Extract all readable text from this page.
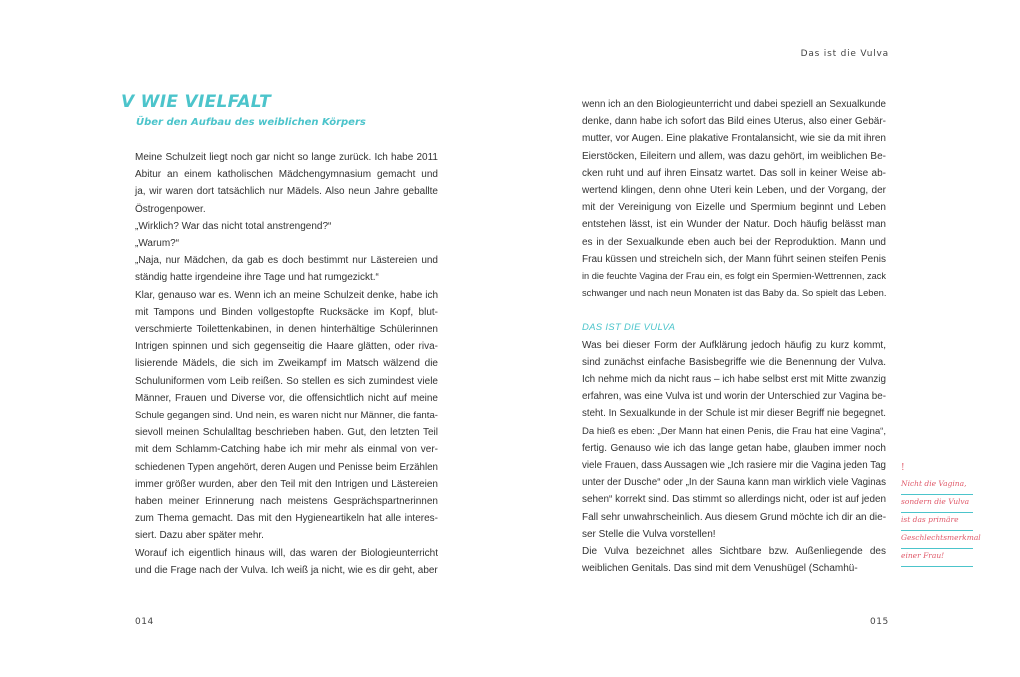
Das ist die Vulva
V WIE VIELFALT
Über den Aufbau des weiblichen Körpers

Meine Schulzeit liegt noch gar nicht so lange zurück. Ich habe 2011

Abitur an einem katholischen Mädchengymnasium gemacht und

ja, wir waren dort tatsächlich nur Mädels. Also neun Jahre geballte

Östrogenpower.

„Wirklich? War das nicht total anstrengend?“

„Warum?“

„Naja, nur Mädchen, da gab es doch bestimmt nur Lästereien und

ständig hatte irgendeine ihre Tage und hat rumgezickt.“

Klar, genauso war es. Wenn ich an meine Schulzeit denke, habe ich

mit Tampons und Binden vollgestopfte Rucksäcke im Kopf, blut-

verschmierte Toilettenkabinen, in denen hinterhältige Schülerinnen

Intrigen spinnen und sich gegenseitig die Haare glätten, oder riva-

lisierende Mädels, die sich im Zweikampf im Matsch wälzend die

Schuluniformen vom Leib reißen. So stellen es sich zumindest viele

Männer, Frauen und Diverse vor, die offensichtlich nicht auf meine

Schule gegangen sind. Und nein, es waren nicht nur Männer, die fanta-

sievoll meinen Schulalltag beschrieben haben. Gut, den letzten Teil

mit dem Schlamm-Catching habe ich mir mehr als einmal von ver-

schiedenen Typen angehört, deren Augen und Penisse beim Erzählen

immer größer wurden, aber den Teil mit den Intrigen und Lästereien

haben meiner Erinnerung nach meistens Gesprächspartnerinnen

zum Thema gemacht. Das mit den Hygieneartikeln hat alle interes-

siert. Dazu aber später mehr.

Worauf ich eigentlich hinaus will, das waren der Biologieunterricht

und die Frage nach der Vulva. Ich weiß ja nicht, wie es dir geht, aber

wenn ich an den Biologieunterricht und dabei speziell an Sexualkunde

denke, dann habe ich sofort das Bild eines Uterus, also einer Gebär-

mutter, vor Augen. Eine plakative Frontalansicht, wie sie da mit ihren

Eierstöcken, Eileitern und allem, was dazu gehört, im weiblichen Be-

cken ruht und auf ihren Einsatz wartet. Das soll in keiner Weise ab-

wertend klingen, denn ohne Uteri kein Leben, und der Vorgang, der

mit der Vereinigung von Eizelle und Spermium beginnt und Leben

entstehen lässt, ist ein Wunder der Natur. Doch häufig belässt man

es in der Sexualkunde eben auch bei der Reproduktion. Mann und

Frau küssen und streicheln sich, der Mann führt seinen steifen Penis

in die feuchte Vagina der Frau ein, es folgt ein Spermien-Wettrennen, zack

schwanger und nach neun Monaten ist das Baby da. So spielt das Leben.

DAS IST DIE VULVA

Was bei dieser Form der Aufklärung jedoch häufig zu kurz kommt,

sind zunächst einfache Basisbegriffe wie die Benennung der Vulva.

Ich nehme mich da nicht raus – ich habe selbst erst mit Mitte zwanzig

erfahren, was eine Vulva ist und worin der Unterschied zur Vagina be-

steht. In Sexualkunde in der Schule ist mir dieser Begriff nie begegnet.

Da hieß es eben: „Der Mann hat einen Penis, die Frau hat eine Vagina“,

fertig. Genauso wie ich das lange getan habe, glauben immer noch

viele Frauen, dass Aussagen wie „Ich rasiere mir die Vagina jeden Tag

unter der Dusche“ oder „In der Sauna kann man wirklich viele Vaginas

sehen“ korrekt sind. Das stimmt so allerdings nicht, oder ist auf jeden

Fall sehr unwahrscheinlich. Aus diesem Grund möchte ich dir an die-

ser Stelle die Vulva vorstellen!

Die Vulva bezeichnet alles Sichtbare bzw. Außenliegende des

weiblichen Genitals. Das sind mit dem Venushügel (Schamhü-

!
Nicht die Vagina,
sondern die Vulva
ist das primäre
Geschlechtsmerkmal
einer Frau!
014	015
